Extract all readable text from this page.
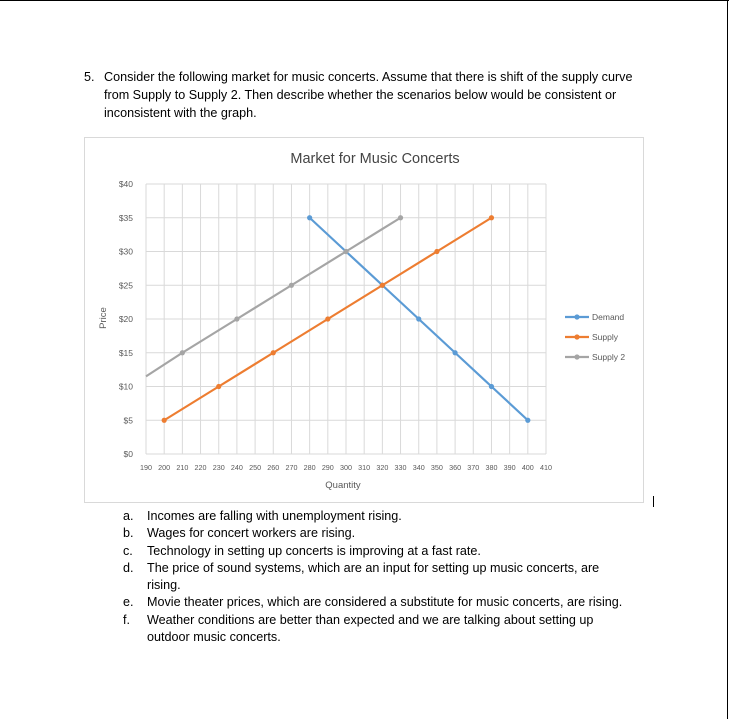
5. Consider the following market for music concerts. Assume that there is shift of the supply curve from Supply to Supply 2. Then describe whether the scenarios below would be consistent or inconsistent with the graph.
Market for Music Concerts
$0
$5
$10
$15
$20
$25
$30
$35
$40
190 200 210 220 230 240 250 260 270 280 290 300 310 320 330 340 350 360 370 380 390 400 410
Quantity
Price	Demand
Supply
Supply 2
a. Incomes are falling with unemployment rising.
b. Wages for concert workers are rising.
c. Technology in setting up concerts is improving at a fast rate.
d. The price of sound systems, which are an input for setting up music concerts, are rising.
e. Movie theater prices, which are considered a substitute for music concerts, are rising.
f. Weather conditions are better than expected and we are talking about setting up outdoor music concerts.
